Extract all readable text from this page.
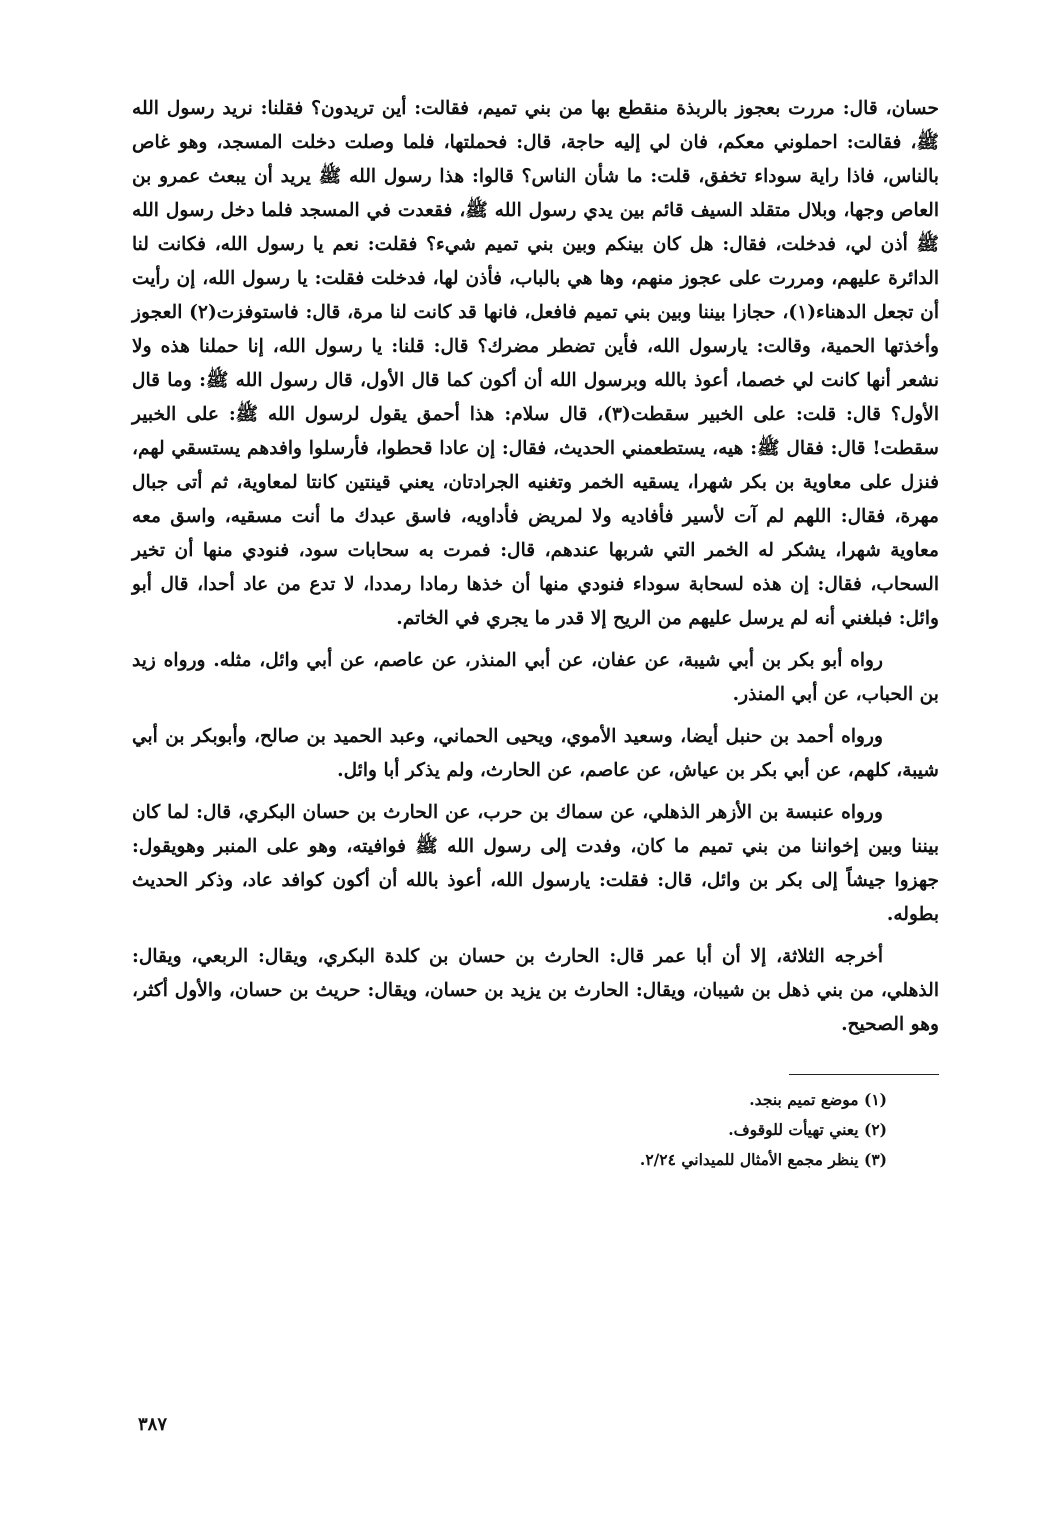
حسان، قال: مررت بعجوز بالربذة منقطع بها من بني تميم، فقالت: أين تريدون؟ فقلنا: نريد رسول الله ﷺ، فقالت: احملوني معكم، فان لي إليه حاجة، قال: فحملتها، فلما وصلت دخلت المسجد، وهو غاص بالناس، فاذا راية سوداء تخفق، قلت: ما شأن الناس؟ قالوا: هذا رسول الله ﷺ يريد أن يبعث عمرو بن العاص وجها، وبلال متقلد السيف قائم بين يدي رسول الله ﷺ، فقعدت في المسجد فلما دخل رسول الله ﷺ أذن لي، فدخلت، فقال: هل كان بينكم وبين بني تميم شيء؟ فقلت: نعم يا رسول الله، فكانت لنا الدائرة عليهم، ومررت على عجوز منهم، وها هي بالباب، فأذن لها، فدخلت فقلت: يا رسول الله، إن رأيت أن تجعل الدهناء(١)، حجازا بيننا وبين بني تميم فافعل، فانها قد كانت لنا مرة، قال: فاستوفزت(٢) العجوز وأخذتها الحمية، وقالت: يارسول الله، فأين تضطر مضرك؟ قال: قلنا: يا رسول الله، إنا حملنا هذه ولا نشعر أنها كانت لي خصما، أعوذ بالله وبرسول الله أن أكون كما قال الأول، قال رسول الله ﷺ: وما قال الأول؟ قال: قلت: على الخبير سقطت(٣)، قال سلام: هذا أحمق يقول لرسول الله ﷺ: على الخبير سقطت! قال: فقال ﷺ: هيه، يستطعمني الحديث، فقال: إن عادا قحطوا، فأرسلوا وافدهم يستسقي لهم، فنزل على معاوية بن بكر شهرا، يسقيه الخمر وتغنيه الجرادتان، يعني قينتين كانتا لمعاوية، ثم أتى جبال مهرة، فقال: اللهم لم آت لأسير فأفاديه ولا لمريض فأداويه، فاسق عبدك ما أنت مسقيه، واسق معه معاوية شهرا، يشكر له الخمر التي شربها عندهم، قال: فمرت به سحابات سود، فنودي منها أن تخير السحاب، فقال: إن هذه لسحابة سوداء فنودي منها أن خذها رمادا رمددا، لا تدع من عاد أحدا، قال أبو وائل: فبلغني أنه لم يرسل عليهم من الريح إلا قدر ما يجري في الخاتم.

رواه أبو بكر بن أبي شيبة، عن عفان، عن أبي المنذر، عن عاصم، عن أبي وائل، مثله. ورواه زيد بن الحباب، عن أبي المنذر.

ورواه أحمد بن حنبل أيضا، وسعيد الأموي، ويحيى الحماني، وعبد الحميد بن صالح، وأبوبكر بن أبي شيبة، كلهم، عن أبي بكر بن عياش، عن عاصم، عن الحارث، ولم يذكر أبا وائل.

ورواه عنبسة بن الأزهر الذهلي، عن سماك بن حرب، عن الحارث بن حسان البكري، قال: لما كان بيننا وبين إخواننا من بني تميم ما كان، وفدت إلى رسول الله ﷺ فوافيته، وهو على المنبر وهويقول: جهزوا جيشاً إلى بكر بن وائل، قال: فقلت: يارسول الله، أعوذ بالله أن أكون كوافد عاد، وذكر الحديث بطوله.

أخرجه الثلاثة، إلا أن أبا عمر قال: الحارث بن حسان بن كلدة البكري، ويقال: الربعي، ويقال: الذهلي، من بني ذهل بن شيبان، ويقال: الحارث بن يزيد بن حسان، ويقال: حريث بن حسان، والأول أكثر، وهو الصحيح.

(١) موضع تميم بنجد.
(٢) يعني تهيأت للوقوف.
(٣) ينظر مجمع الأمثال للميداني ٢/٢٤.
٣٨٧
